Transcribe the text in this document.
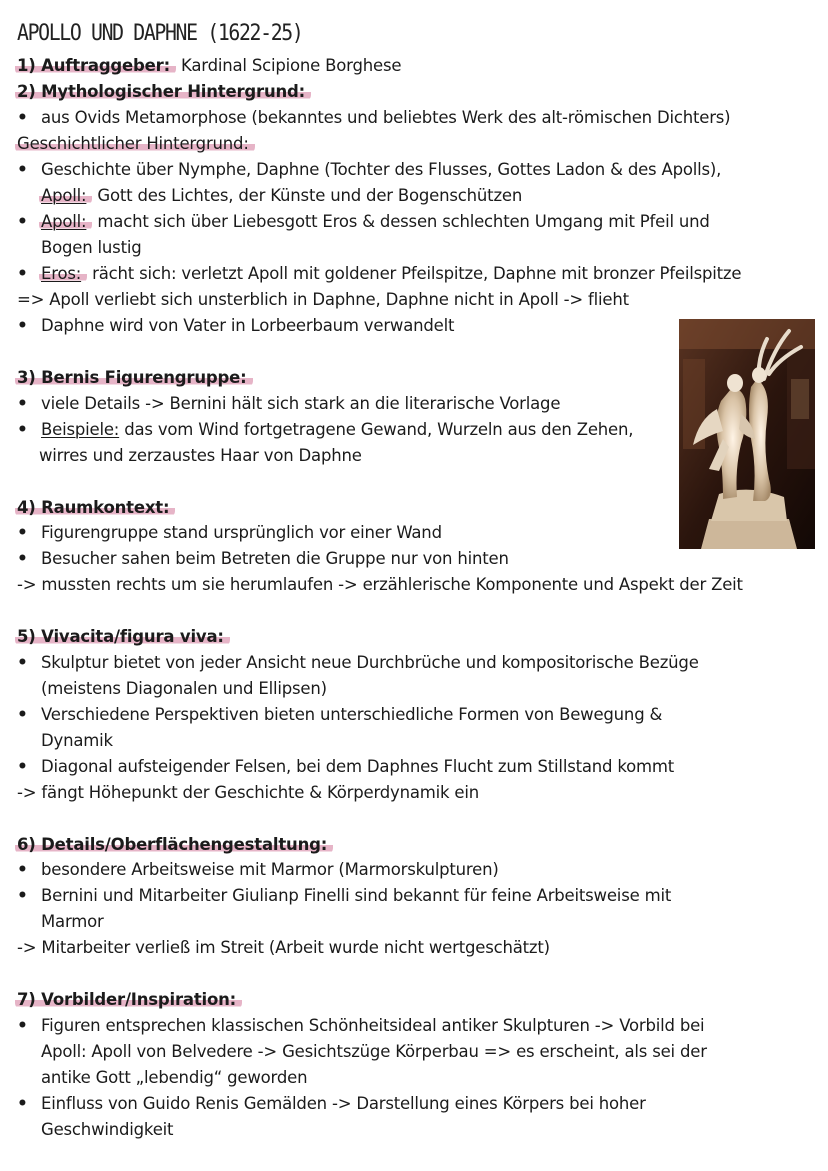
APOLLO UND DAPHNE (1622-25)
1) Auftraggeber: Kardinal Scipione Borghese
2) Mythologischer Hintergrund:
• aus Ovids Metamorphose (bekanntes und beliebtes Werk des alt-römischen Dichters)
Geschichtlicher Hintergrund:
• Geschichte über Nymphe, Daphne (Tochter des Flusses, Gottes Ladon & des Apolls),
Apoll: Gott des Lichtes, der Künste und der Bogenschützen
• Apoll: macht sich über Liebesgott Eros & dessen schlechten Umgang mit Pfeil und
Bogen lustig
• Eros: rächt sich: verletzt Apoll mit goldener Pfeilspitze, Daphne mit bronzer Pfeilspitze
=> Apoll verliebt sich unsterblich in Daphne, Daphne nicht in Apoll -> flieht
• Daphne wird von Vater in Lorbeerbaum verwandelt
3) Bernis Figurengruppe:
• viele Details -> Bernini hält sich stark an die literarische Vorlage
• Beispiele: das vom Wind fortgetragene Gewand, Wurzeln aus den Zehen,
wirres und zerzaustes Haar von Daphne
4) Raumkontext:
• Figurengruppe stand ursprünglich vor einer Wand
• Besucher sahen beim Betreten die Gruppe nur von hinten
-> mussten rechts um sie herumlaufen -> erzählerische Komponente und Aspekt der Zeit
5) Vivacita/figura viva:
• Skulptur bietet von jeder Ansicht neue Durchbrüche und kompositorische Bezüge
(meistens Diagonalen und Ellipsen)
• Verschiedene Perspektiven bieten unterschiedliche Formen von Bewegung &
Dynamik
• Diagonal aufsteigender Felsen, bei dem Daphnes Flucht zum Stillstand kommt
-> fängt Höhepunkt der Geschichte & Körperdynamik ein
6) Details/Oberflächengestaltung:
• besondere Arbeitsweise mit Marmor (Marmorskulpturen)
• Bernini und Mitarbeiter Giulianp Finelli sind bekannt für feine Arbeitsweise mit
Marmor
-> Mitarbeiter verließ im Streit (Arbeit wurde nicht wertgeschätzt)
7) Vorbilder/Inspiration:
• Figuren entsprechen klassischen Schönheitsideal antiker Skulpturen -> Vorbild bei
Apoll: Apoll von Belvedere -> Gesichtszüge Körperbau => es erscheint, als sei der
antike Gott „lebendig“ geworden
• Einfluss von Guido Renis Gemälden -> Darstellung eines Körpers bei hoher
Geschwindigkeit
